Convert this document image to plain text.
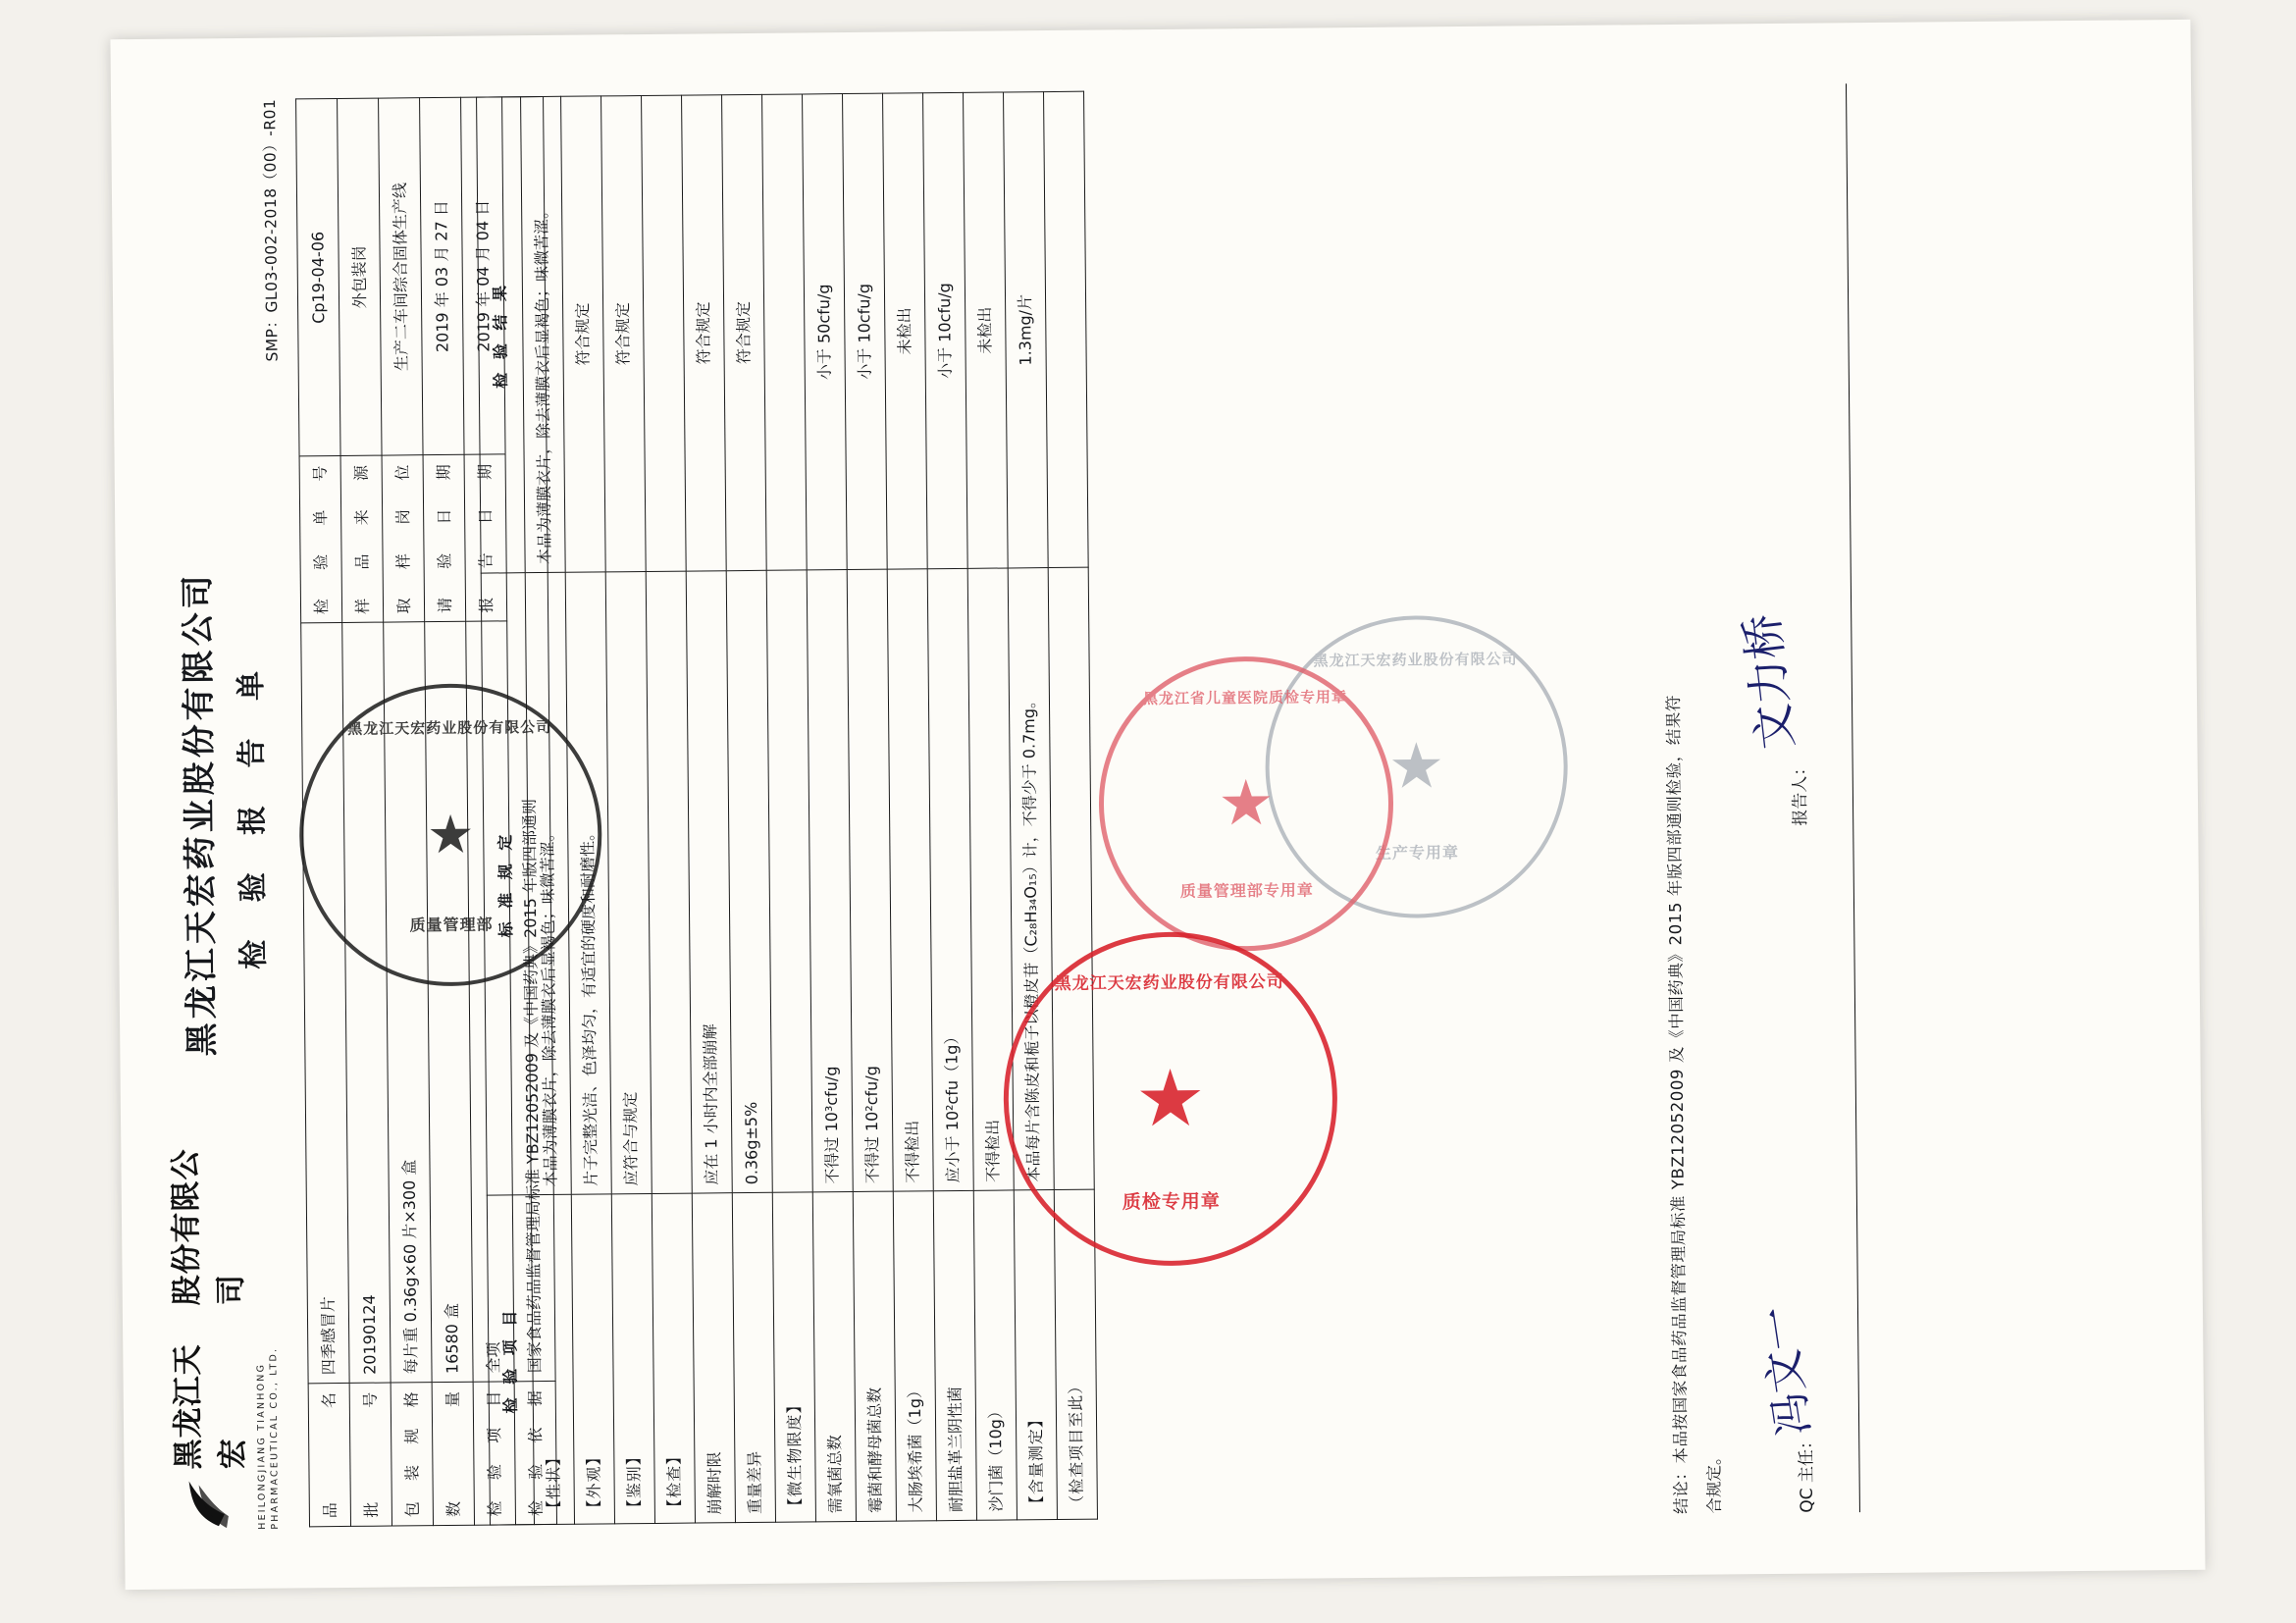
黑龙江天宏
股份有限公司
HEILONGJIANG TIANHONG PHARMACEUTICAL CO., LTD.
黑龙江天宏药业股份有限公司 检 验 报 告 单
SMP：GL03-002-2018（00）-R01
品 名	四季感冒片	检验单号	Cp19-04-06
批 号	20190124	样品来源	外包装岗
包装规格	每片重 0.36g×60 片×300 盒	取样岗位	生产二车间综合固体生产线
数 量	16580 盒	请验日期	2019 年 03 月 27 日
检验项目	全项	报告日期	2019 年 04 月 04 日
检验依据	国家食品药品监督管理局标准 YBZ12052009 及《中国药典》2015 年版四部通则		
检 验 项 目	标 准 规 定	检 验 结 果
【性状】	本品为薄膜衣片，除去薄膜衣后显褐色；味微苦涩。	本品为薄膜衣片，除去薄膜衣后显褐色；味微苦涩。
【外观】	片子完整光洁、色泽均匀，有适宜的硬度和耐磨性。	符合规定
【鉴别】	应符合与规定	符合规定
【检查】		
崩解时限	应在 1 小时内全部崩解	符合规定
重量差异	0.36g±5%	符合规定
【微生物限度】		
需氧菌总数	不得过 10³cfu/g	小于 50cfu/g
霉菌和酵母菌总数	不得过 10²cfu/g	小于 10cfu/g
大肠埃希菌（1g）	不得检出	未检出
耐胆盐革兰阴性菌	应小于 10²cfu（1g）	小于 10cfu/g
沙门菌（10g）	不得检出	未检出
【含量测定】	本品每片含陈皮和栀子以橙皮苷（C₂₈H₃₄O₁₅）计，不得少于 0.7mg。	1.3mg/片
（检查项目至此）			结论：本品按国家食品药品监督管理局标准 YBZ12052009 及《中国药典》2015 年版四部通则检验，结果符 合规定。	QC 主任：
报告人：
冯文一
文力桥
★
生产专用章
黑龙江天宏药业股份有限公司
★
黑龙江省儿童医院质检专用章
质量管理部专用章
★
黑龙江天宏药业股份有限公司
质检专用章
★
黑龙江天宏药业股份有限公司
质量管理部
